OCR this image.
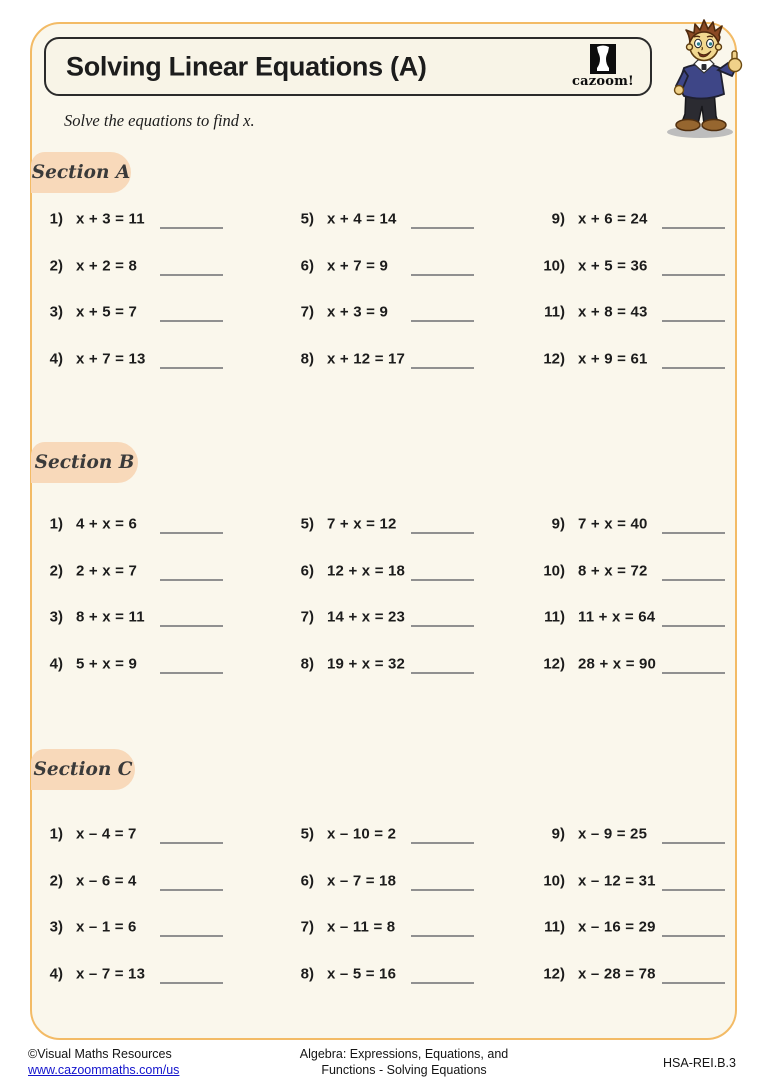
Solving Linear Equations (A)
cazoom!
Solve the equations to find x.
Section A
1) x + 3 = 11
2) x + 2 = 8
3) x + 5 = 7
4) x + 7 = 13
5) x + 4 = 14
6) x + 7 = 9
7) x + 3 = 9
8) x + 12 = 17
9) x + 6 = 24
10) x + 5 = 36
11) x + 8 = 43
12) x + 9 = 61
Section B
1) 4 + x = 6
2) 2 + x = 7
3) 8 + x = 11
4) 5 + x = 9
5) 7 + x = 12
6) 12 + x = 18
7) 14 + x = 23
8) 19 + x = 32
9) 7 + x = 40
10) 8 + x = 72
11) 11 + x = 64
12) 28 + x = 90
Section C
1) x – 4 = 7
2) x – 6 = 4
3) x – 1 = 6
4) x – 7 = 13
5) x – 10 = 2
6) x – 7 = 18
7) x – 11 = 8
8) x – 5 = 16
9) x – 9 = 25
10) x – 12 = 31
11) x – 16 = 29
12) x – 28 = 78
©Visual Maths Resources
www.cazoommaths.com/us
Algebra: Expressions, Equations, and
Functions - Solving Equations	HSA-REI.B.3
